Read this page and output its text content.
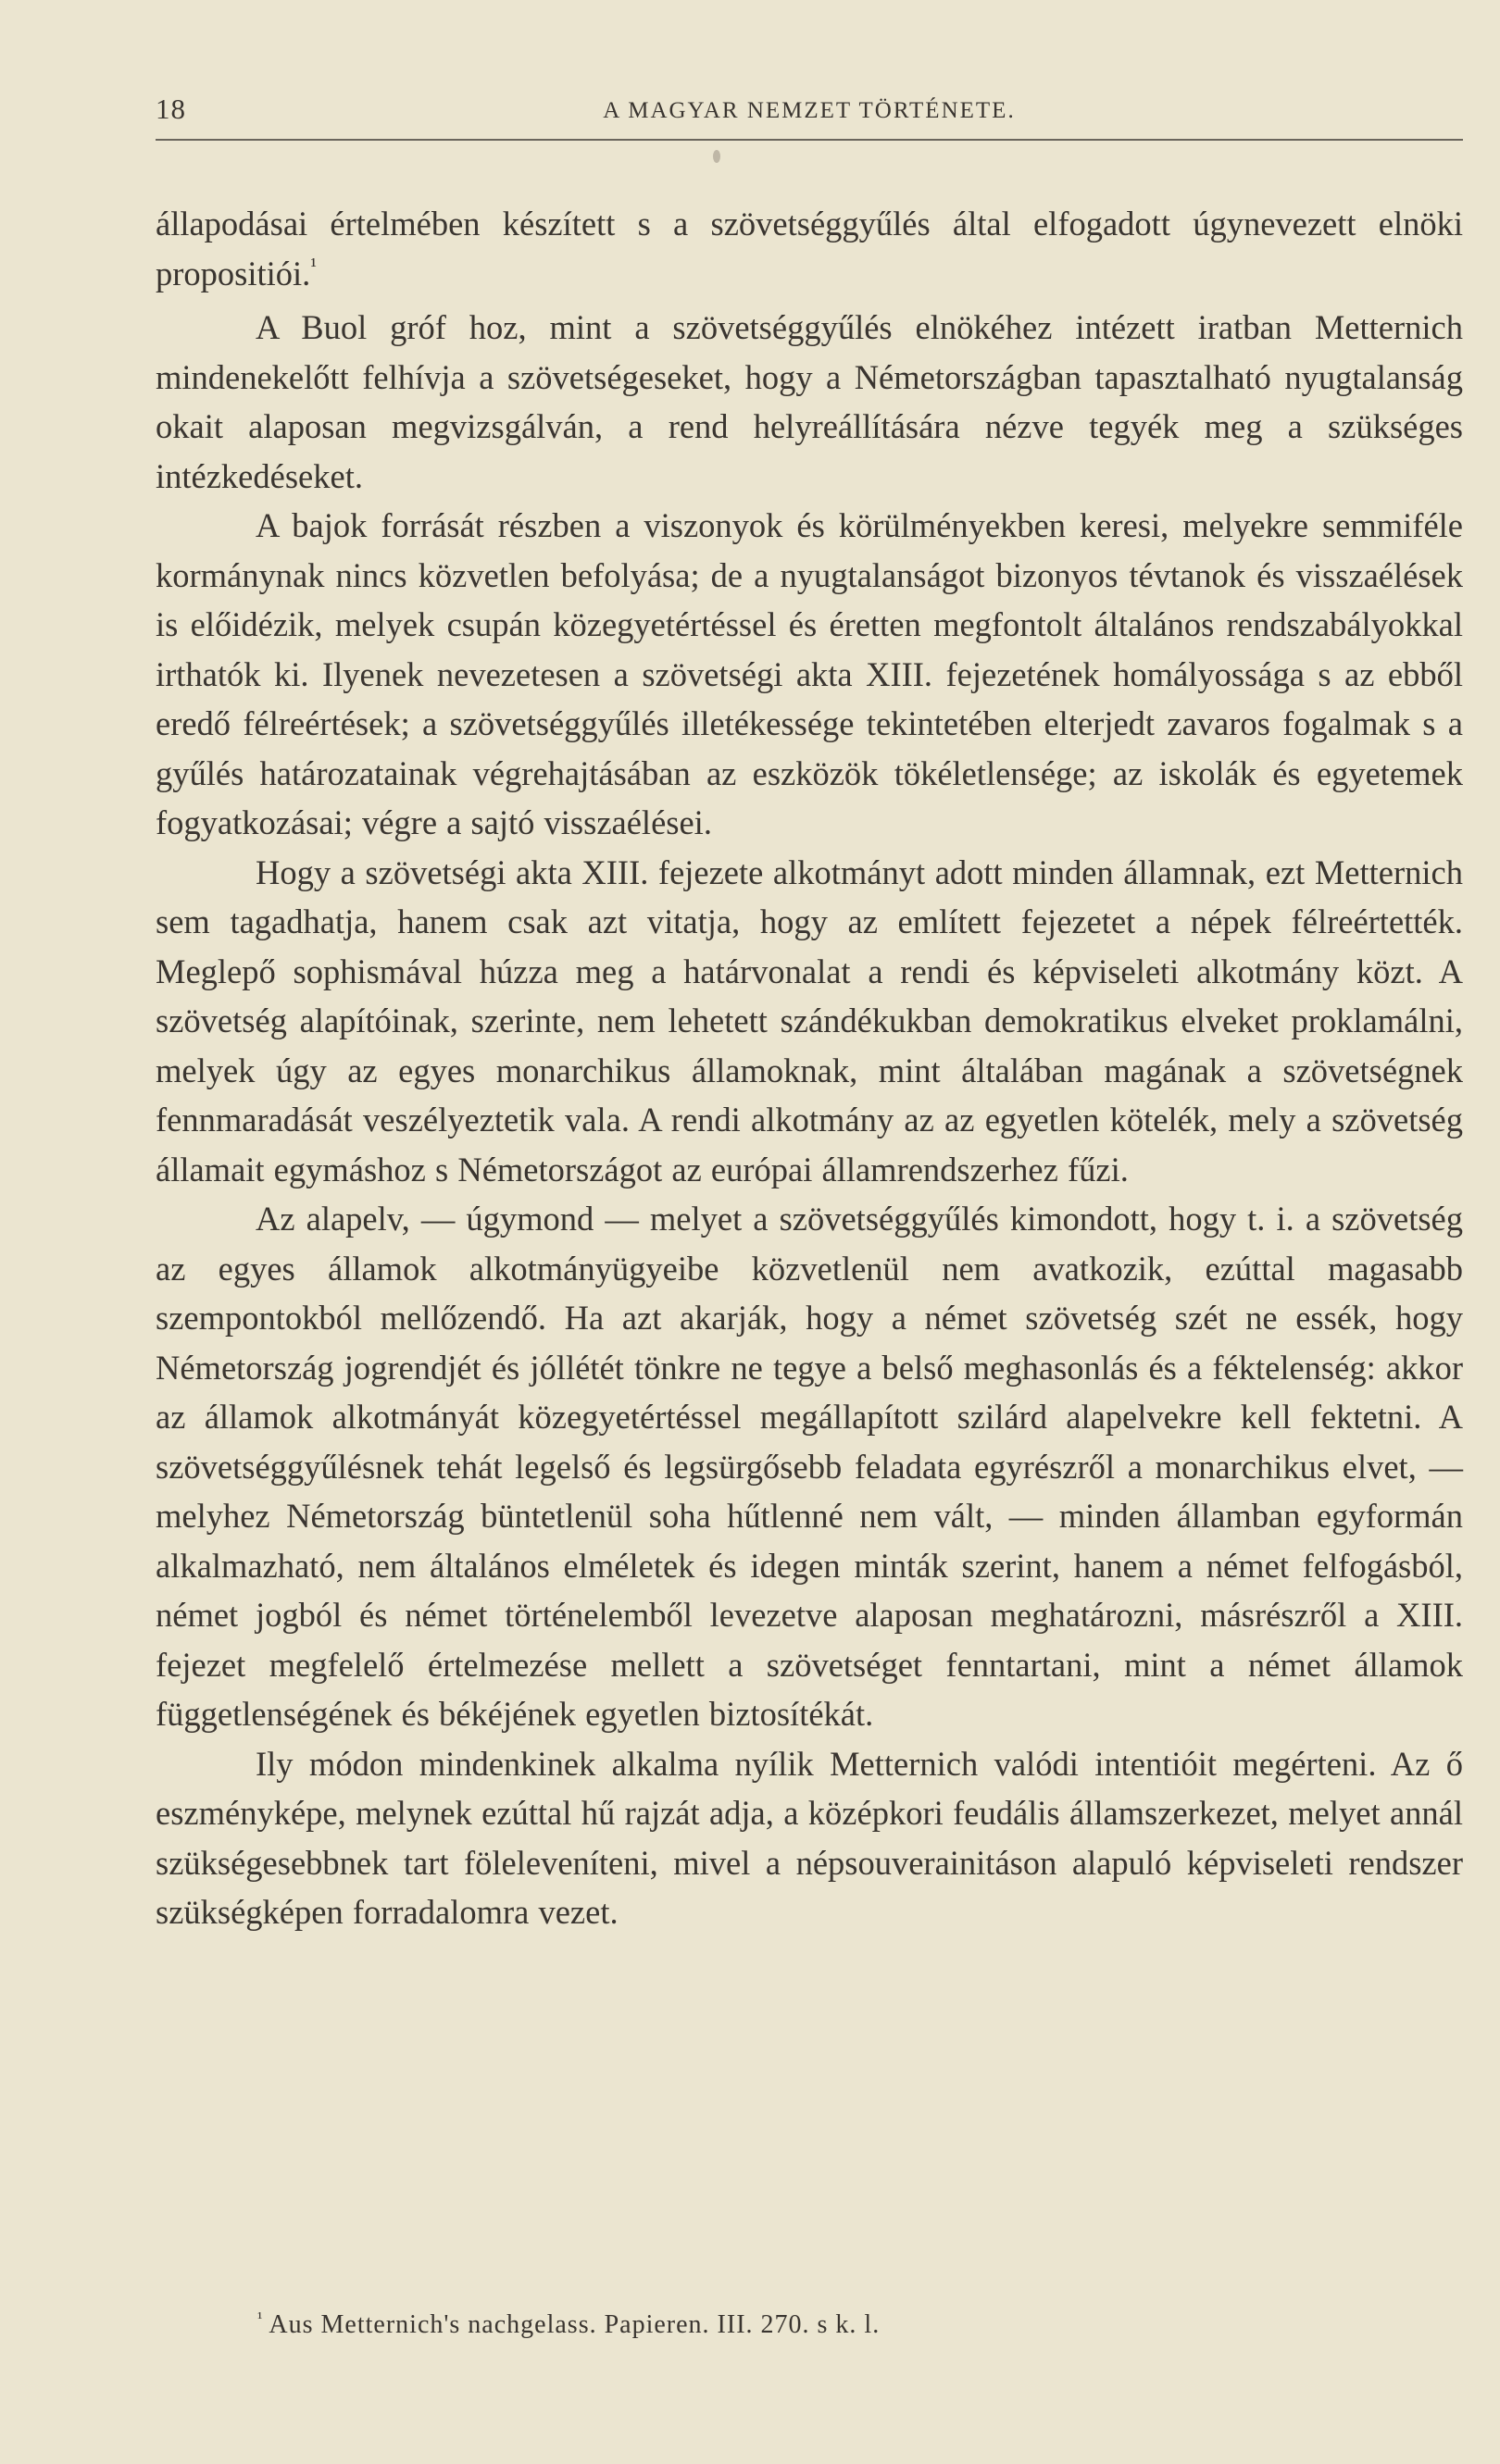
18	A MAGYAR NEMZET TÖRTÉNETE.

állapodásai értelmében készített s a szövetséggyűlés által elfogadott úgynevezett elnöki propositiói.$^{^1}$

A Buol gróf hoz, mint a szövetséggyűlés elnökéhez intézett iratban Metternich mindenekelőtt felhívja a szövetségeseket, hogy a Németországban tapasztalható nyugtalanság okait alaposan megvizsgálván, a rend helyreállítására nézve tegyék meg a szükséges intézkedéseket.

A bajok forrását részben a viszonyok és körülményekben keresi, melyekre semmiféle kormánynak nincs közvetlen befolyása; de a nyugtalanságot bizonyos tévtanok és visszaélések is előidézik, melyek csupán közegyetértéssel és éretten megfontolt általános rendszabályokkal irthatók ki. Ilyenek nevezetesen a szövetségi akta XIII. fejezetének homályossága s az ebből eredő félreértések; a szövetséggyűlés illetékessége tekintetében elterjedt zavaros fogalmak s a gyűlés határozatainak végrehajtásában az eszközök tökéletlensége; az iskolák és egyetemek fogyatkozásai; végre a sajtó visszaélései.

Hogy a szövetségi akta XIII. fejezete alkotmányt adott minden államnak, ezt Metternich sem tagadhatja, hanem csak azt vitatja, hogy az említett fejezetet a népek félreértették. Meglepő sophismával húzza meg a határvonalat a rendi és képviseleti alkotmány közt. A szövetség alapítóinak, szerinte, nem lehetett szándékukban demokratikus elveket proklamálni, melyek úgy az egyes monarchikus államoknak, mint általában magának a szövetségnek fennmaradását veszélyeztetik vala. A rendi alkotmány az az egyetlen kötelék, mely a szövetség államait egymáshoz s Németországot az európai államrendszerhez fűzi.

Az alapelv, — úgymond — melyet a szövetséggyűlés kimondott, hogy t. i. a szövetség az egyes államok alkotmányügyeibe közvetlenül nem avatkozik, ezúttal magasabb szempontokból mellőzendő. Ha azt akarják, hogy a német szövetség szét ne essék, hogy Németország jogrendjét és jóllétét tönkre ne tegye a belső meghasonlás és a féktelenség: akkor az államok alkotmányát közegyetértéssel megállapított szilárd alapelvekre kell fektetni. A szövetséggyűlésnek tehát legelső és legsürgősebb feladata egyrészről a monarchikus elvet, — melyhez Németország büntetlenül soha hűtlenné nem vált, — minden államban egyformán alkalmazható, nem általános elméletek és idegen minták szerint, hanem a német felfogásból, német jogból és német történelemből levezetve alaposan meghatározni, másrészről a XIII. fejezet megfelelő értelmezése mellett a szövetséget fenntartani, mint a német államok függetlenségének és békéjének egyetlen biztosítékát.

Ily módon mindenkinek alkalma nyílik Metternich valódi intentióit megérteni. Az ő eszményképe, melynek ezúttal hű rajzát adja, a középkori feudális államszerkezet, melyet annál szükségesebbnek tart föleleveníteni, mivel a népsouverainitáson alapuló képviseleti rendszer szükségképen forradalomra vezet.

$^{^1}$ Aus Metternich's nachgelass. Papieren. III. 270. s k. l.
